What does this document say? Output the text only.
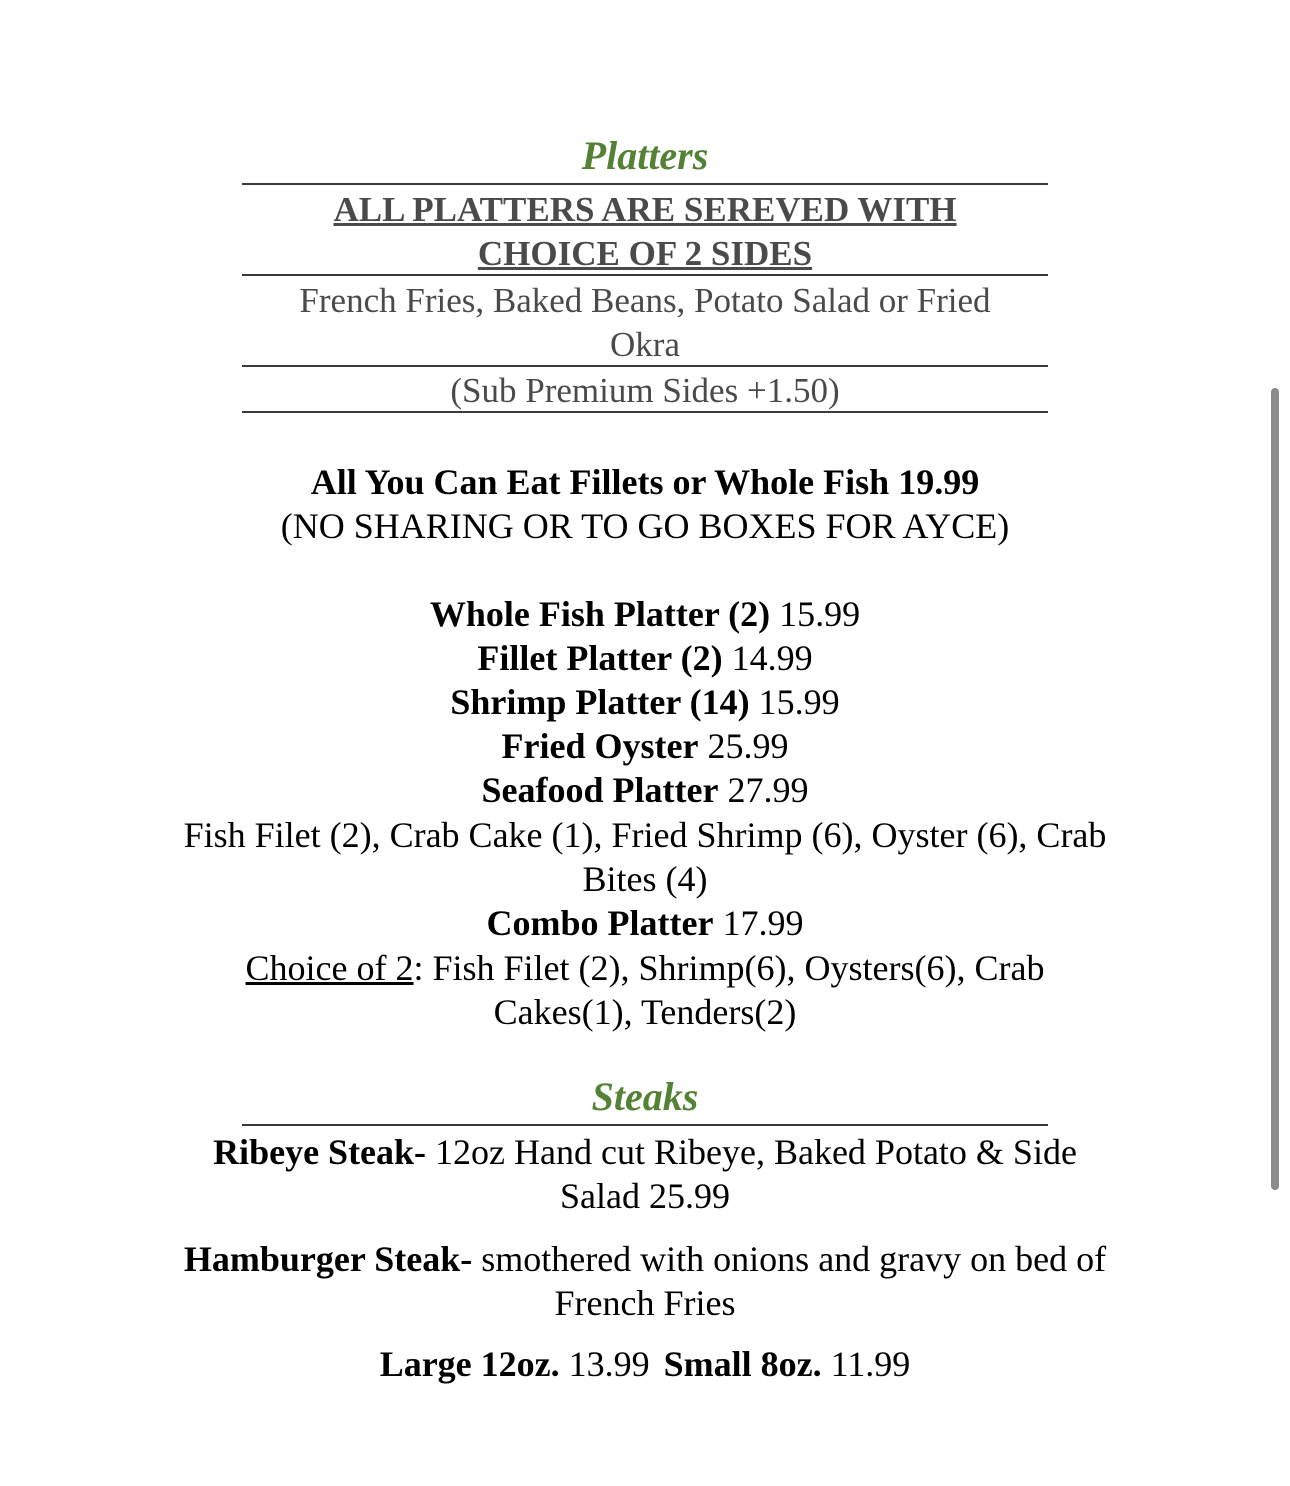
Platters
ALL PLATTERS ARE SEREVED WITH
CHOICE OF 2 SIDES
French Fries, Baked Beans, Potato Salad or Fried
Okra
(Sub Premium Sides +1.50)
All You Can Eat Fillets or Whole Fish 19.99
(NO SHARING OR TO GO BOXES FOR AYCE)
Whole Fish Platter (2) 15.99
Fillet Platter (2) 14.99
Shrimp Platter (14) 15.99
Fried Oyster 25.99
Seafood Platter 27.99
Fish Filet (2), Crab Cake (1), Fried Shrimp (6), Oyster (6), Crab
Bites (4)
Combo Platter 17.99
Choice of 2: Fish Filet (2), Shrimp(6), Oysters(6), Crab
Cakes(1), Tenders(2)
Steaks
Ribeye Steak- 12oz Hand cut Ribeye, Baked Potato & Side
Salad 25.99
Hamburger Steak- smothered with onions and gravy on bed of
French Fries
Large 12oz. 13.99 Small 8oz. 11.99
